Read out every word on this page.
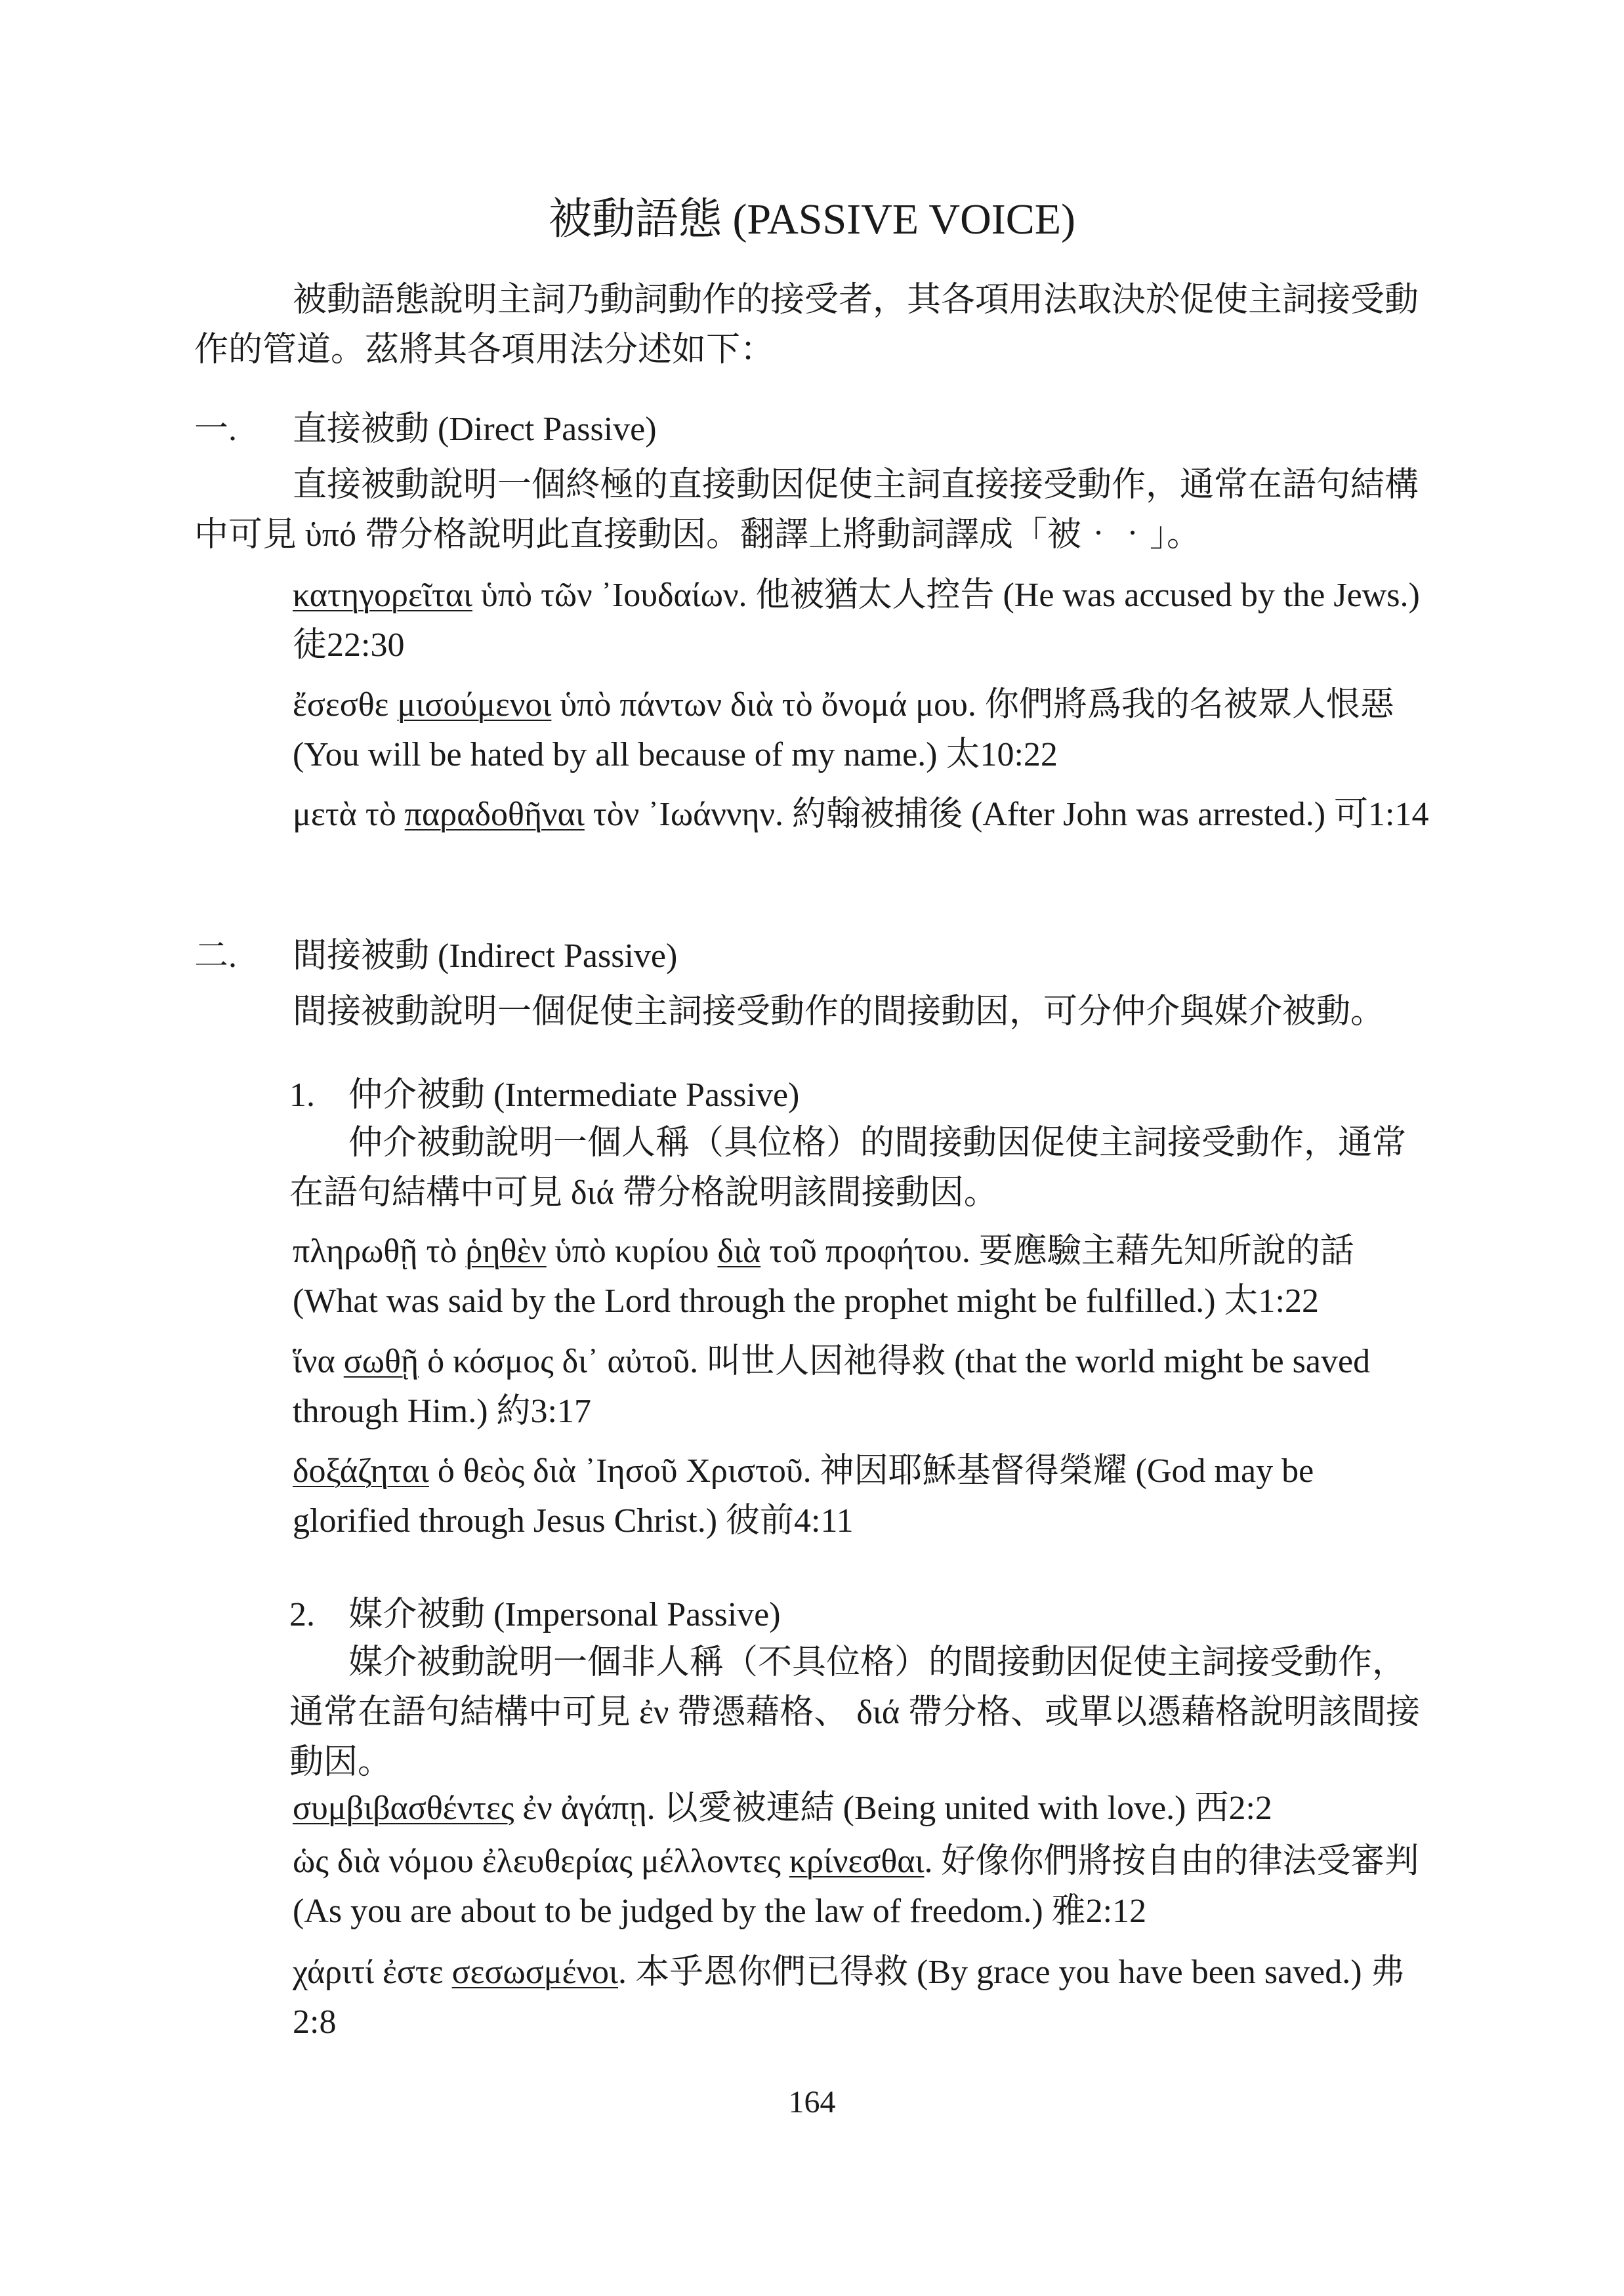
被動語態 (PASSIVE VOICE)

被動語態說明主詞乃動詞動作的接受者，其各項用法取決於促使主詞接受動作的管道。茲將其各項用法分述如下：

一. 直接被動 (Direct Passive)

直接被動說明一個終極的直接動因促使主詞直接接受動作，通常在語句結構中可見 ὑπό 帶分格說明此直接動因。翻譯上將動詞譯成「被‧‧」。

κατηγορεῖται ὑπὸ τῶν ᾿Ιουδαίων. 他被猶太人控告 (He was accused by the Jews.) 徒22:30

ἔσεσθε μισούμενοι ὑπὸ πάντων διὰ τὸ ὄνομά μου. 你們將爲我的名被眾人恨惡 (You will be hated by all because of my name.) 太10:22

μετὰ τὸ παραδοθῆναι τὸν ᾿Ιωάννην. 約翰被捕後 (After John was arrested.) 可1:14

二. 間接被動 (Indirect Passive)

間接被動說明一個促使主詞接受動作的間接動因，可分仲介與媒介被動。

1. 仲介被動 (Intermediate Passive)

仲介被動說明一個人稱（具位格）的間接動因促使主詞接受動作，通常在語句結構中可見 διά 帶分格說明該間接動因。

πληρωθῇ τὸ ῥηθὲν ὑπὸ κυρίου διὰ τοῦ προφήτου. 要應驗主藉先知所說的話 (What was said by the Lord through the prophet might be fulfilled.) 太1:22

ἵνα σωθῇ ὁ κόσμος δι᾿ αὐτοῦ. 叫世人因祂得救 (that the world might be saved through Him.) 約3:17

δοξάζηται ὁ θεὸς διὰ ᾿Ιησοῦ Χριστοῦ. 神因耶穌基督得榮耀 (God may be glorified through Jesus Christ.) 彼前4:11

2. 媒介被動 (Impersonal Passive)

媒介被動說明一個非人稱（不具位格）的間接動因促使主詞接受動作，通常在語句結構中可見 ἐν 帶憑藉格、 διά 帶分格、或單以憑藉格說明該間接動因。

συμβιβασθέντες ἐν ἀγάπῃ. 以愛被連結 (Being united with love.) 西2:2

ὡς διὰ νόμου ἐλευθερίας μέλλοντες κρίνεσθαι. 好像你們將按自由的律法受審判 (As you are about to be judged by the law of freedom.) 雅2:12

χάριτί ἐστε σεσωσμένοι. 本乎恩你們已得救 (By grace you have been saved.) 弗2:8

164
